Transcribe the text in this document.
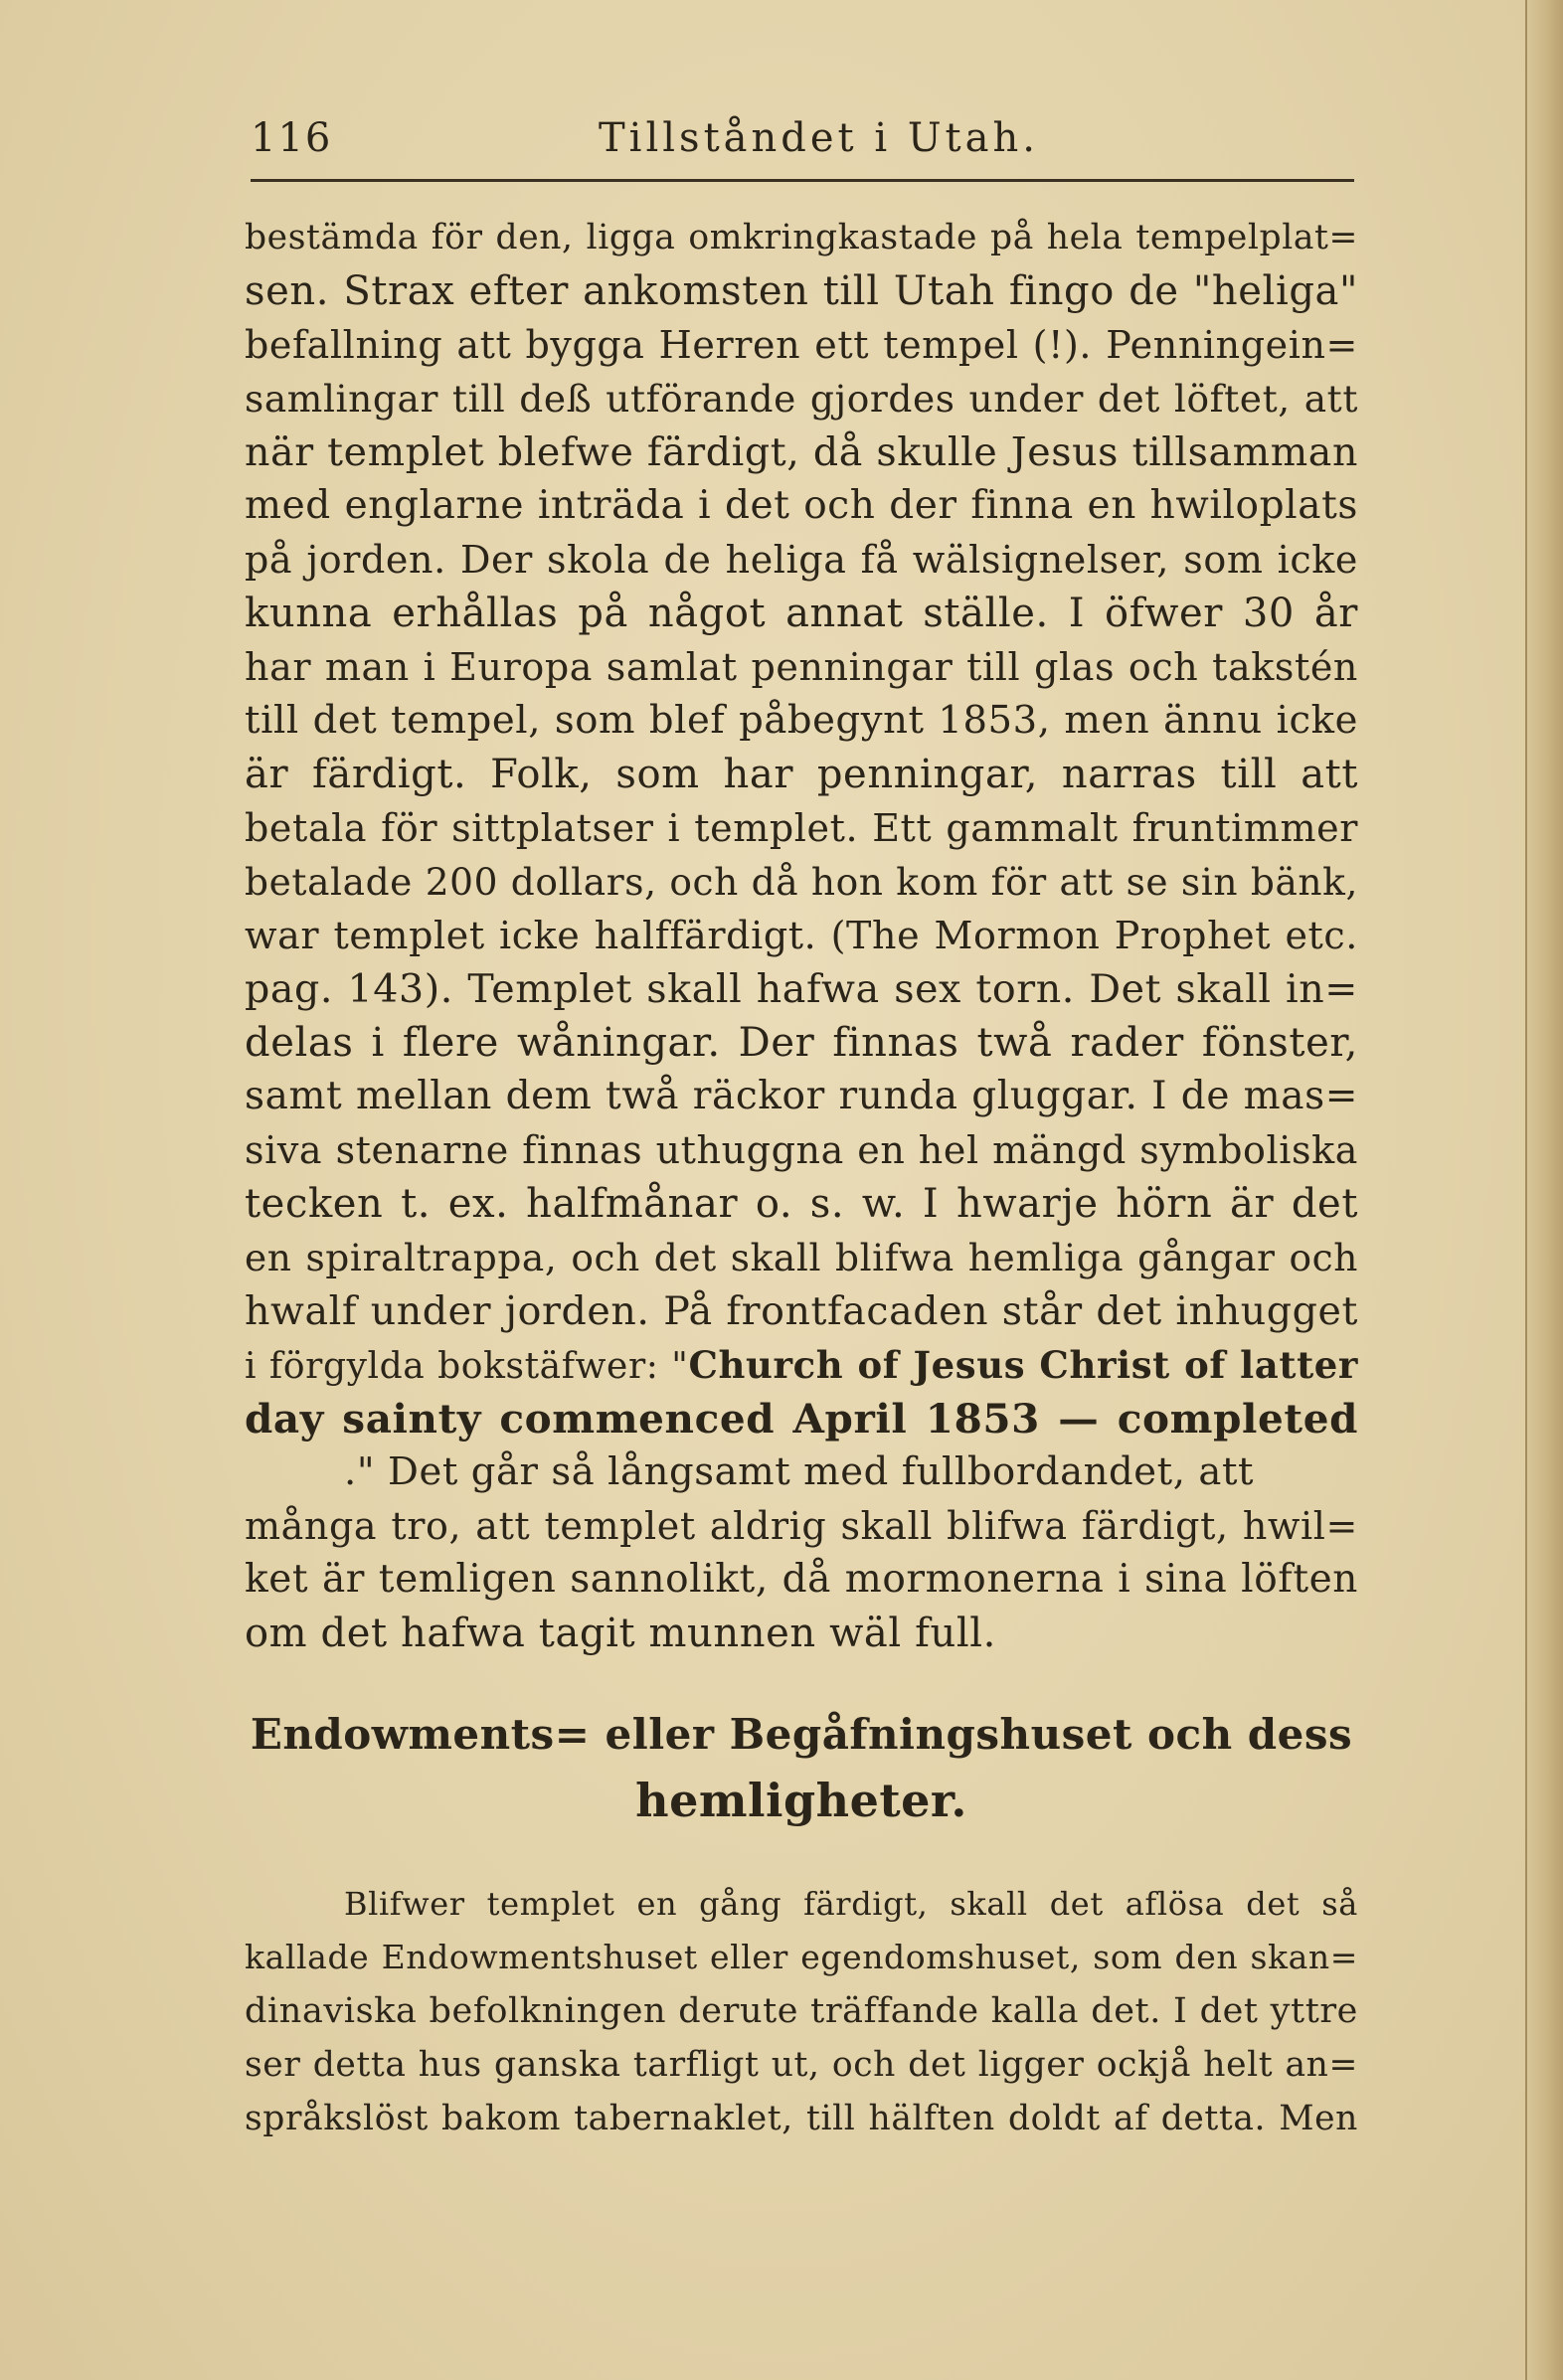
116	Tillståndet i Utah.
bestämda för den, ligga omkringkastade på hela tempelplat=
sen. Strax efter ankomsten till Utah fingo de "heliga"
befallning att bygga Herren ett tempel (!). Penningein=
samlingar till deß utförande gjordes under det löftet, att
när templet blefwe färdigt, då skulle Jesus tillsamman
med englarne inträda i det och der finna en hwiloplats
på jorden. Der skola de heliga få wälsignelser, som icke
kunna erhållas på något annat ställe. I öfwer 30 år
har man i Europa samlat penningar till glas och takstén
till det tempel, som blef påbegynt 1853, men ännu icke
är färdigt. Folk, som har penningar, narras till att
betala för sittplatser i templet. Ett gammalt fruntimmer
betalade 200 dollars, och då hon kom för att se sin bänk,
war templet icke halffärdigt. (The Mormon Prophet etc.
pag. 143). Templet skall hafwa sex torn. Det skall in=
delas i flere wåningar. Der finnas twå rader fönster,
samt mellan dem twå räckor runda gluggar. I de mas=
siva stenarne finnas uthuggna en hel mängd symboliska
tecken t. ex. halfmånar o. s. w. I hwarje hörn är det
en spiraltrappa, och det skall blifwa hemliga gångar och
hwalf under jorden. På frontfacaden står det inhugget
i förgylda bokstäfwer: "Church of Jesus Christ of latter
day sainty commenced April 1853 — completed
." Det går så långsamt med fullbordandet, att
många tro, att templet aldrig skall blifwa färdigt, hwil=
ket är temligen sannolikt, då mormonerna i sina löften
om det hafwa tagit munnen wäl full.
Endowments= eller Begåfningshuset och dess
hemligheter.
Blifwer templet en gång färdigt, skall det aflösa det så
kallade Endowmentshuset eller egendomshuset, som den skan=
dinaviska befolkningen derute träffande kalla det. I det yttre
ser detta hus ganska tarfligt ut, och det ligger ockjå helt an=
språkslöst bakom tabernaklet, till hälften doldt af detta. Men
